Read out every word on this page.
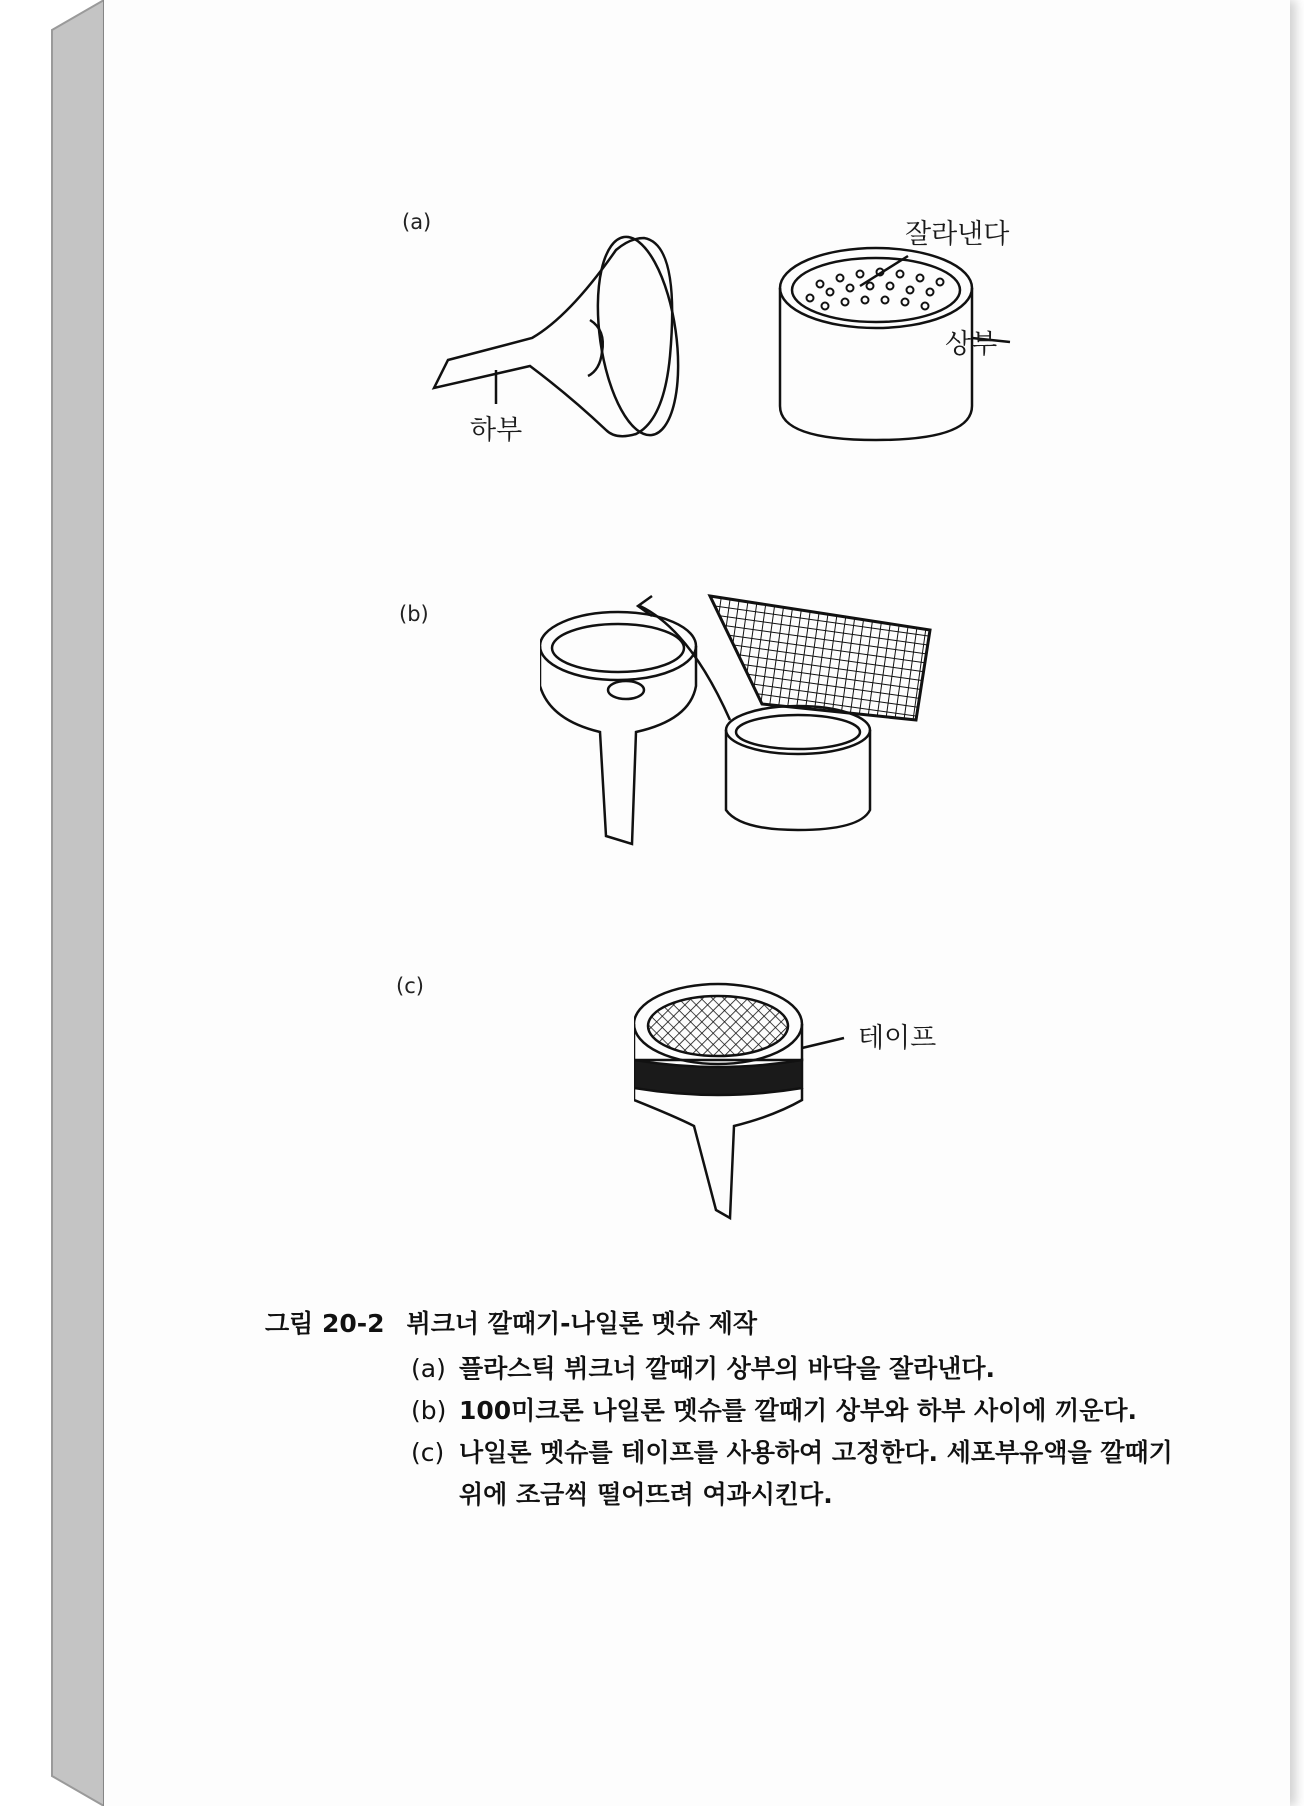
(a)	잘라낸다
상부
하부
(b)
(c)
테이프
그림 20-2 뷔크너 깔때기-나일론 멧슈 제작
(a) 플라스틱 뷔크너 깔때기 상부의 바닥을 잘라낸다.
(b) 100미크론 나일론 멧슈를 깔때기 상부와 하부 사이에 끼운다.
(c) 나일론 멧슈를 테이프를 사용하여 고정한다. 세포부유액을 깔때기 위에 조금씩 떨어뜨려 여과시킨다.
